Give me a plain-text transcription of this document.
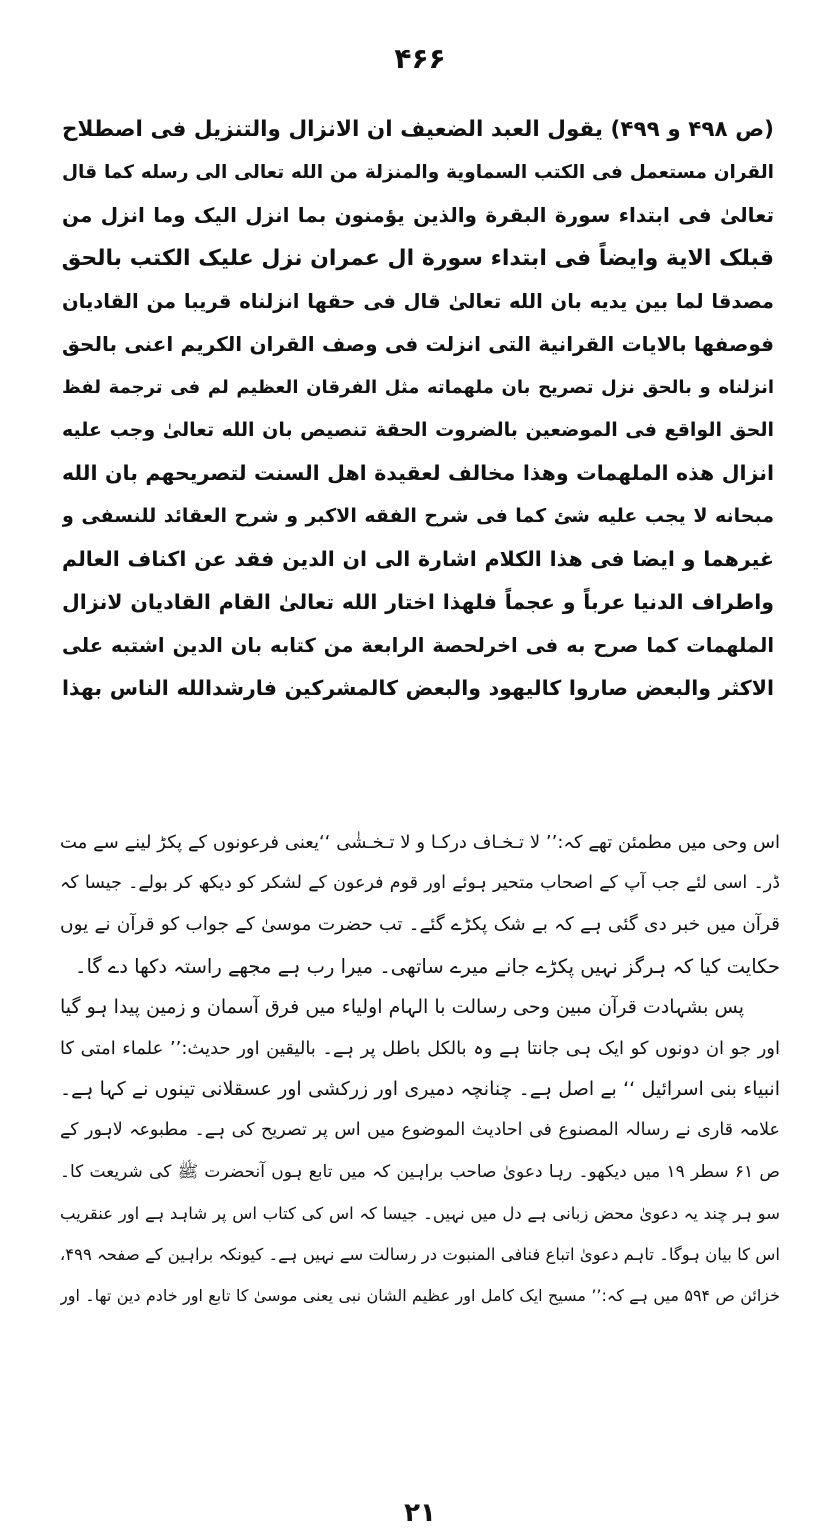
۴۶۶
(ص ۴۹۸ و ۴۹۹) يقول العبد الضعيف ان الانزال والتنزيل فى اصطلاح
القران مستعمل فى الكتب السماوية والمنزلة من الله تعالى الى رسله كما قال
تعالىٰ فى ابتداء سورة البقرة والذين يؤمنون بما انزل اليک وما انزل من
قبلک الاية وايضاً فى ابتداء سورة ال عمران نزل عليک الكتب بالحق
مصدقا لما بين يديه بان الله تعالىٰ قال فى حقها انزلناه قريبا من القاديان
فوصفها بالايات القرانية التى انزلت فى وصف القران الكريم اعنى بالحق
انزلناه و بالحق نزل تصريح بان ملهماته مثل الفرقان العظيم لم فى ترجمة لفظ
الحق الواقع فى الموضعين بالضروت الحقة تنصيص بان الله تعالىٰ وجب عليه
انزال هذه الملهمات وهذا مخالف لعقيدة اهل السنت لتصريحهم بان الله
مبحانه لا يجب عليه شئ كما فى شرح الفقه الاكبر و شرح العقائد للنسفى و
غيرهما و ايضا فى هذا الكلام اشارة الى ان الدين فقد عن اكناف العالم
واطراف الدنيا عرباً و عجماً فلهذا اختار الله تعالىٰ القام القاديان لانزال
الملهمات كما صرح به فى اخرلحصة الرابعة من كتابه بان الدين اشتبه على
الاكثر والبعض صاروا كاليهود والبعض كالمشركين فارشدالله الناس بهذا
اس وحی میں مطمئن تھے کہ:’’ لا تـخـاف درکـا و لا تـخـشٰی ‘‘یعنی فرعونوں کے پکڑ لینے سے مت
ڈر۔ اسی لئے جب آپ کے اصحاب متحیر ہوئے اور قوم فرعون کے لشکر کو دیکھ کر بولے۔ جیسا کہ
قرآن میں خبر دی گئی ہے کہ بے شک پکڑے گئے۔ تب حضرت موسیٰ کے جواب کو قرآن نے یوں
حکایت کیا کہ ہرگز نہیں پکڑے جانے میرے ساتھی۔ میرا رب ہے مجھے راستہ دکھا دے گا۔
پس بشہادت قرآن مبین وحی رسالت با الہام اولیاء میں فرق آسمان و زمین پیدا ہو گیا
اور جو ان دونوں کو ایک ہی جانتا ہے وہ بالکل باطل پر ہے۔ بالیقین اور حدیث:’’ علماء امتی کا
انبیاء بنی اسرائیل ‘‘ بے اصل ہے۔ چنانچہ دمیری اور زرکشی اور عسقلانی تینوں نے کہا ہے۔
علامہ قاری نے رسالہ المصنوع فی احادیث الموضوع میں اس پر تصریح کی ہے۔ مطبوعہ لاہور کے
ص ۶۱ سطر ۱۹ میں دیکھو۔ رہا دعویٰ صاحب براہین کہ میں تابع ہوں آنحضرت ﷺ کی شریعت کا۔
سو ہر چند یہ دعویٰ محض زبانی ہے دل میں نہیں۔ جیسا کہ اس کی کتاب اس پر شاہد ہے اور عنقریب
اس کا بیان ہوگا۔ تاہم دعویٰ اتباع فنافی المنبوت در رسالت سے نہیں ہے۔ کیونکہ براہین کے صفحہ ۴۹۹،
خزائن ص ۵۹۴ میں ہے کہ:’’ مسیح ایک کامل اور عظیم الشان نبی یعنی موسیٰ کا تابع اور خادم دین تھا۔ اور
۲۱
